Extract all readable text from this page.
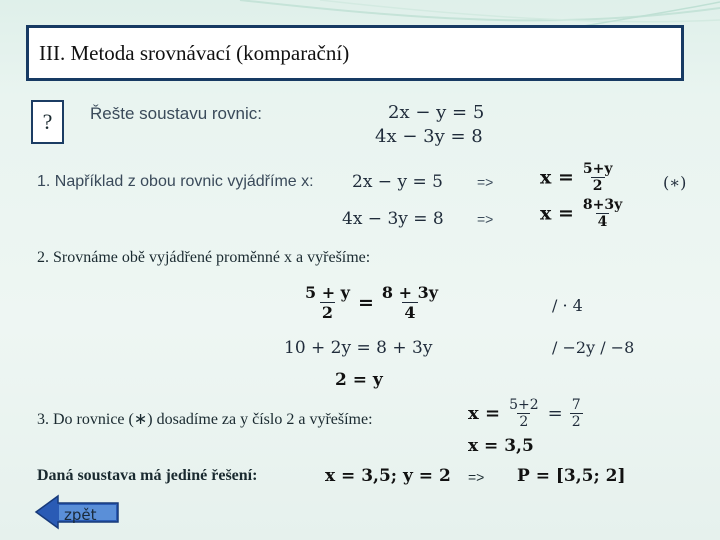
III. Metoda srovnávací (komparační)
? Řešte soustavu rovnic:	2x − y = 5
4x − 3y = 8
1. Například z obou rovnic vyjádříme x: $2x - y = 5 => x = \frac{5+y}{2}$	(∗)
$4x - 3y = 8 => x = \frac{8+3y}{4}$
2. Srovnáme obě vyjádřené proměnné x a vyřešíme:
$\frac{5 + y}{2} = \frac{8 + 3y}{4}$	/ · 4
10 + 2y = 8 + 3y	/ −2y / −8
2 = y
3. Do rovnice (∗) dosadíme za y číslo 2 a vyřešíme:	$x = \frac{5+2}{2} = \frac{7}{2}$
x = 3,5
Daná soustava má jediné řešení:	x = 3,5; y = 2 => P = [3,5; 2]
zpět
